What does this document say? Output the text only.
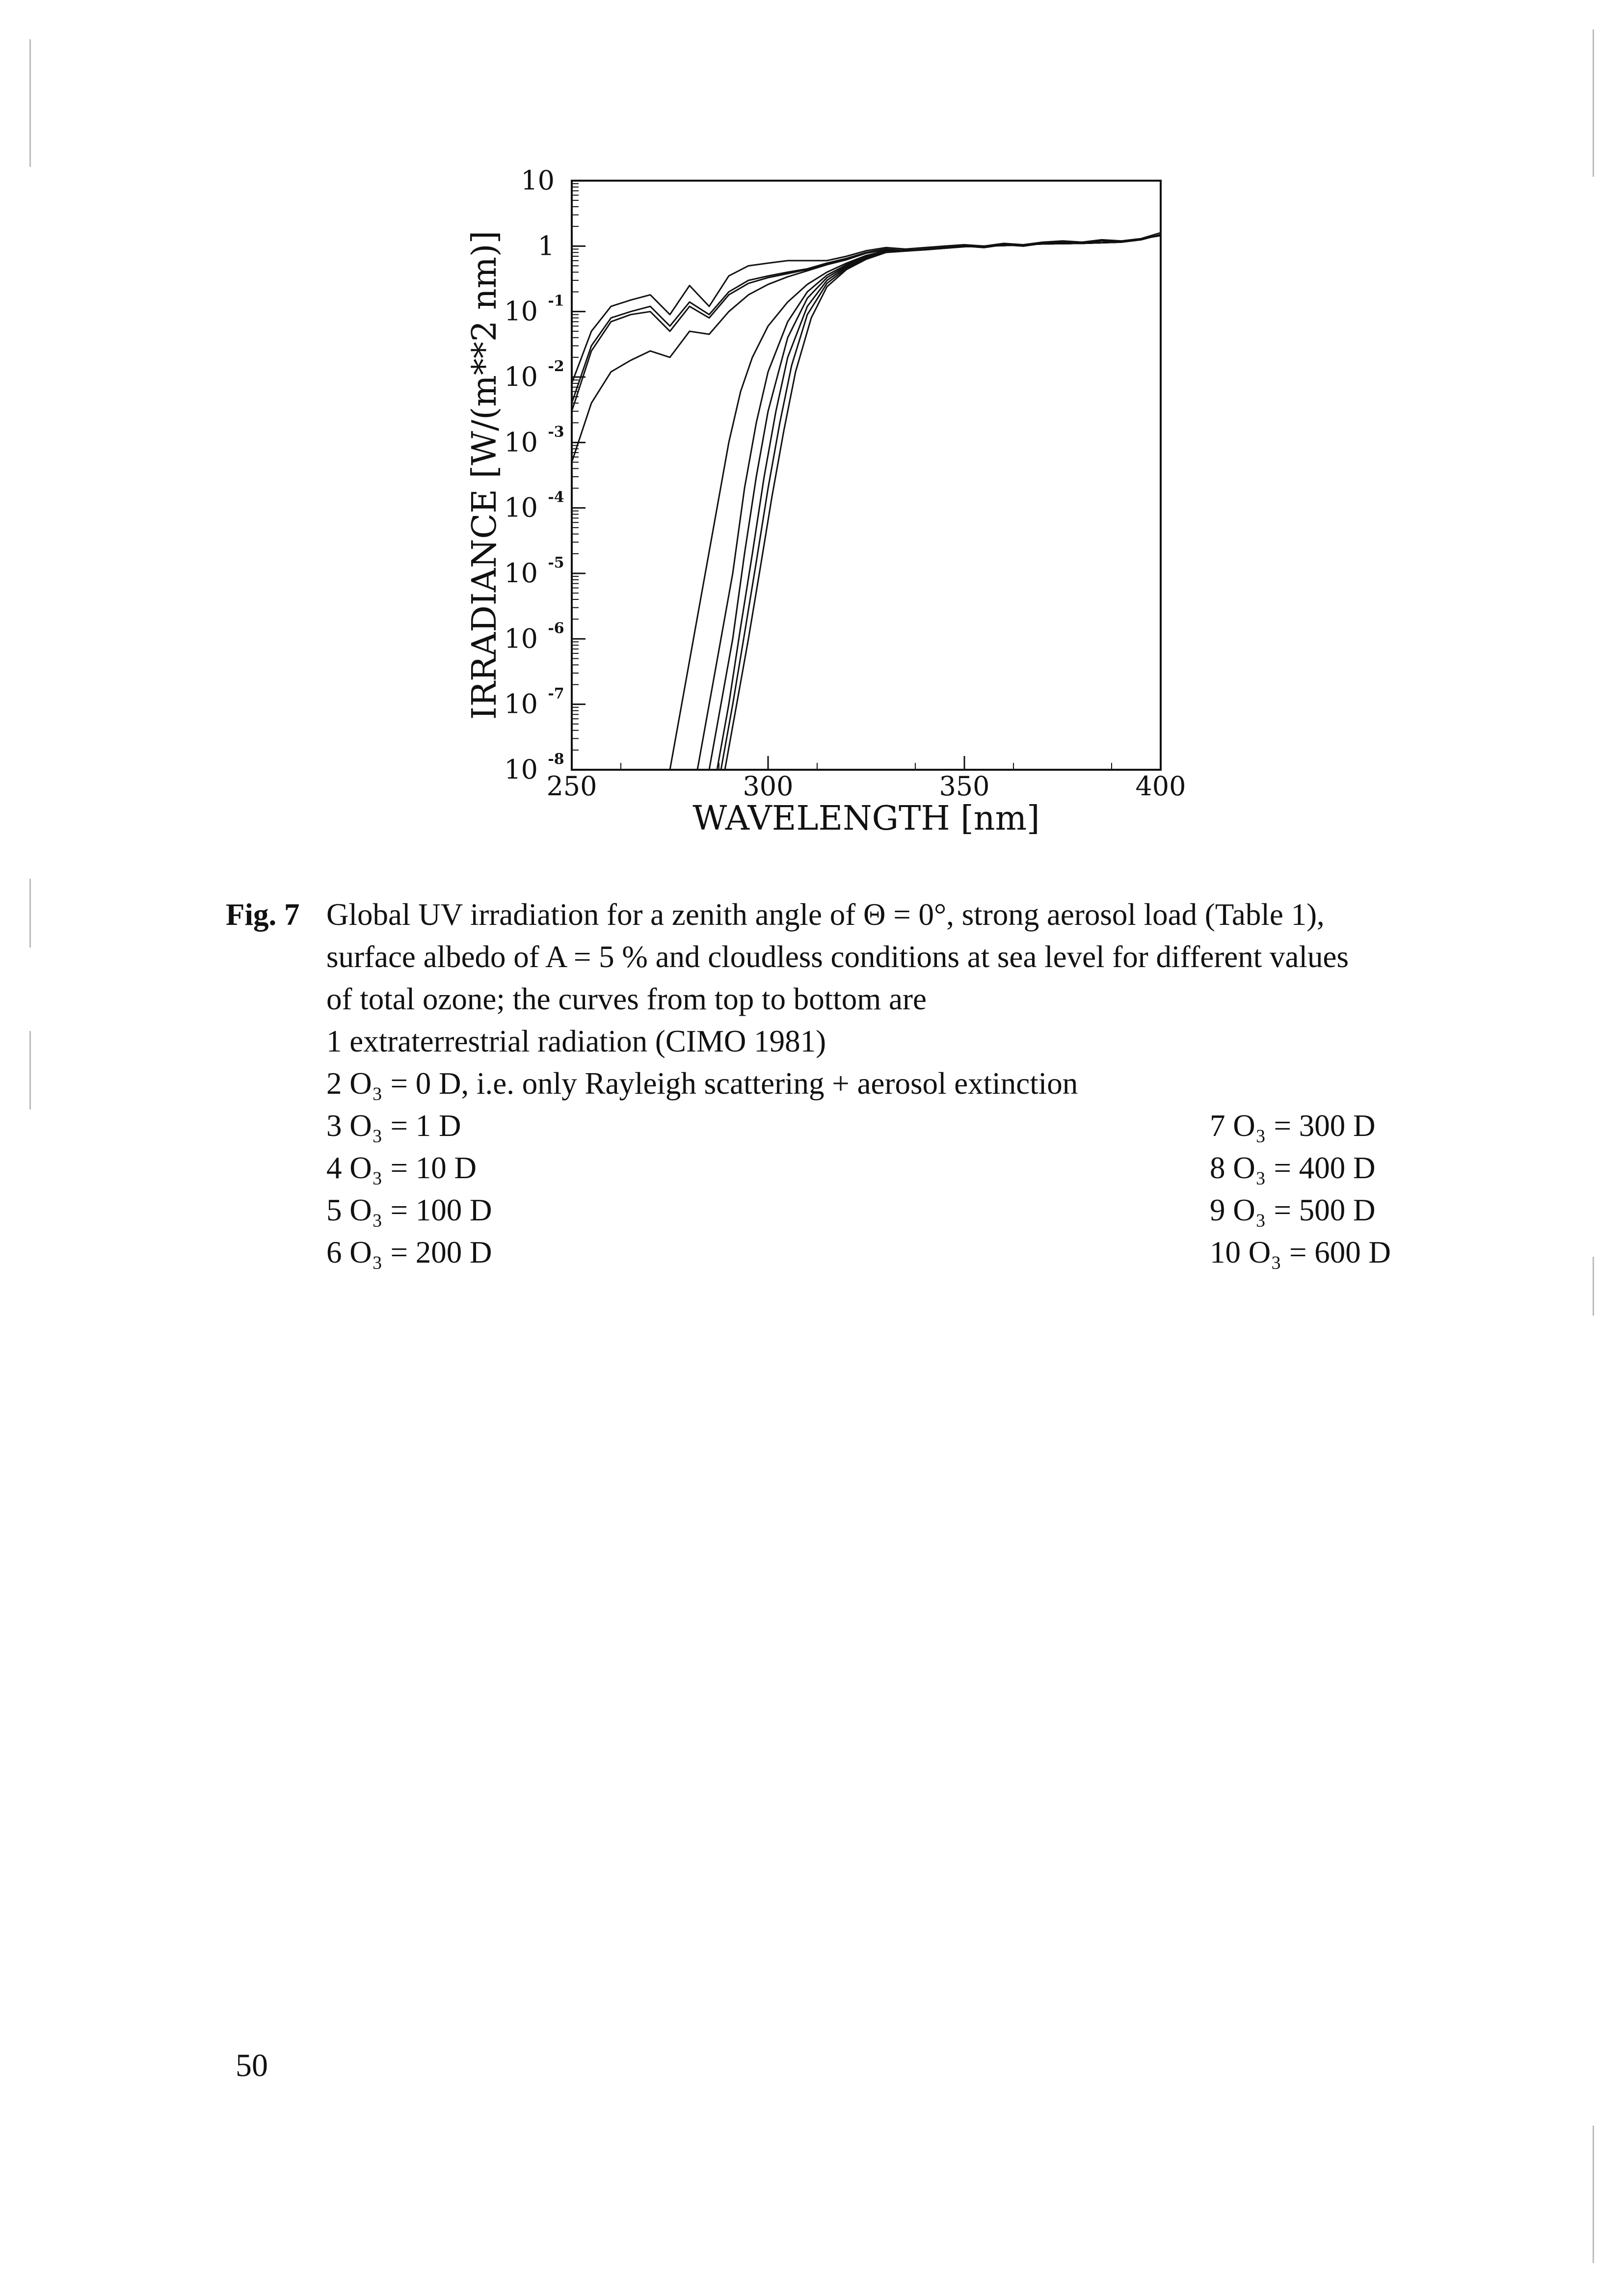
IRRADIANCE [W/(m**2 nm)]
10
1
10 -1
10 -2
10 -3
10 -4
10 -5
10 -6
10 -7
10 -8
250	300	350	400
WAVELENGTH [nm]
Fig. 7 Global UV irradiation for a zenith angle of Θ = 0°, strong aerosol load (Table 1),
surface albedo of A = 5 % and cloudless conditions at sea level for different values
of total ozone; the curves from top to bottom are
1 extraterrestrial radiation (CIMO 1981)
2 O₃ = 0 D, i.e. only Rayleigh scattering + aerosol extinction
3 O₃ = 1 D	7 O₃ = 300 D
4 O₃ = 10 D	8 O₃ = 400 D
5 O₃ = 100 D	9 O₃ = 500 D
6 O₃ = 200 D	10 O₃ = 600 D
50
